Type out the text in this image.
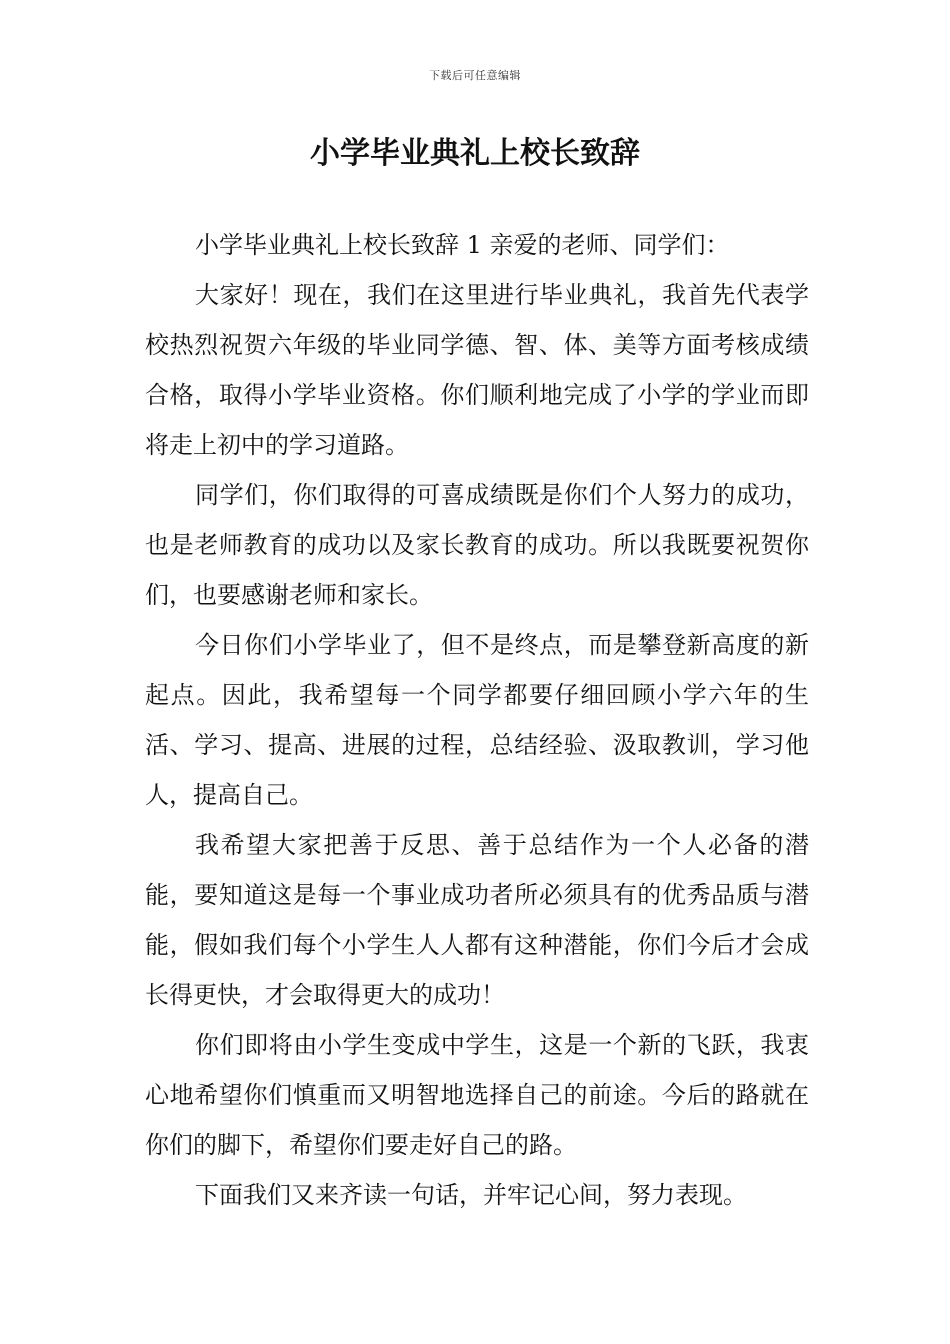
下载后可任意编辑
小学毕业典礼上校长致辞

小学毕业典礼上校长致辞 1 亲爱的老师、同学们：

大家好！现在，我们在这里进行毕业典礼，我首先代表学校热烈祝贺六年级的毕业同学德、智、体、美等方面考核成绩合格，取得小学毕业资格。你们顺利地完成了小学的学业而即将走上初中的学习道路。

同学们，你们取得的可喜成绩既是你们个人努力的成功，也是老师教育的成功以及家长教育的成功。所以我既要祝贺你们，也要感谢老师和家长。

今日你们小学毕业了，但不是终点，而是攀登新高度的新起点。因此，我希望每一个同学都要仔细回顾小学六年的生活、学习、提高、进展的过程，总结经验、汲取教训，学习他人，提高自己。

我希望大家把善于反思、善于总结作为一个人必备的潜能，要知道这是每一个事业成功者所必须具有的优秀品质与潜能，假如我们每个小学生人人都有这种潜能，你们今后才会成长得更快，才会取得更大的成功！

你们即将由小学生变成中学生，这是一个新的飞跃，我衷心地希望你们慎重而又明智地选择自己的前途。今后的路就在你们的脚下，希望你们要走好自己的路。

下面我们又来齐读一句话，并牢记心间，努力表现。
